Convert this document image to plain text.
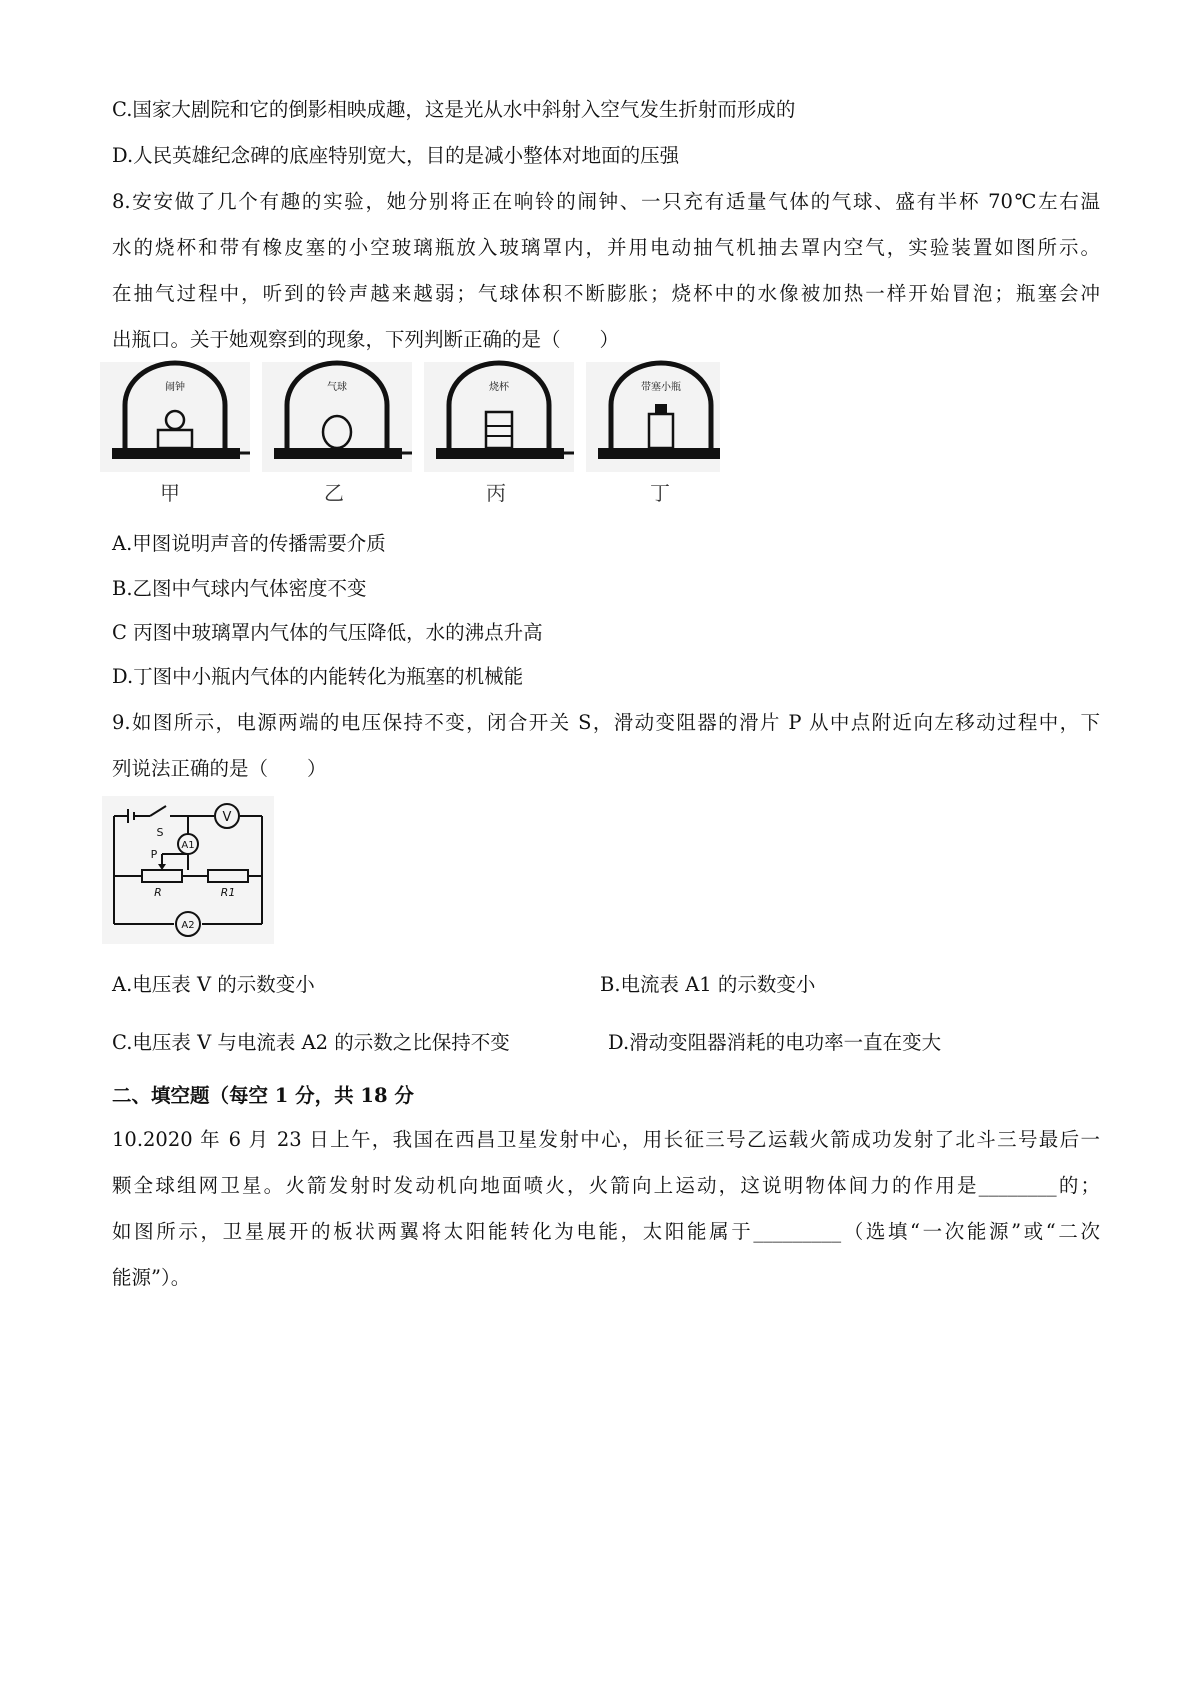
C.国家大剧院和它的倒影相映成趣，这是光从水中斜射入空气发生折射而形成的
D.人民英雄纪念碑的底座特别宽大，目的是减小整体对地面的压强
8.安安做了几个有趣的实验，她分别将正在响铃的闹钟、一只充有适量气体的气球、盛有半杯 70℃左右温
水的烧杯和带有橡皮塞的小空玻璃瓶放入玻璃罩内，并用电动抽气机抽去罩内空气，实验装置如图所示。
在抽气过程中，听到的铃声越来越弱；气球体积不断膨胀；烧杯中的水像被加热一样开始冒泡；瓶塞会冲
出瓶口。关于她观察到的现象，下列判断正确的是（　　）
闹钟
甲
气球
乙
烧杯
丙
带塞小瓶
丁
A.甲图说明声音的传播需要介质
B.乙图中气球内气体密度不变
C 丙图中玻璃罩内气体的气压降低，水的沸点升高
D.丁图中小瓶内气体的内能转化为瓶塞的机械能
9.如图所示，电源两端的电压保持不变，闭合开关 S，滑动变阻器的滑片 P 从中点附近向左移动过程中，下
列说法正确的是（　　）
V
A1
A2
S
P
R	R1
A.电压表 V 的示数变小	B.电流表 A1 的示数变小
C.电压表 V 与电流表 A2 的示数之比保持不变	D.滑动变阻器消耗的电功率一直在变大
二、填空题（每空 1 分，共 18 分
10.2020 年 6 月 23 日上午，我国在西昌卫星发射中心，用长征三号乙运载火箭成功发射了北斗三号最后一
颗全球组网卫星。火箭发射时发动机向地面喷火，火箭向上运动，这说明物体间力的作用是________的；
如图所示，卫星展开的板状两翼将太阳能转化为电能，太阳能属于_________（选填“一次能源”或“二次
能源”）。
